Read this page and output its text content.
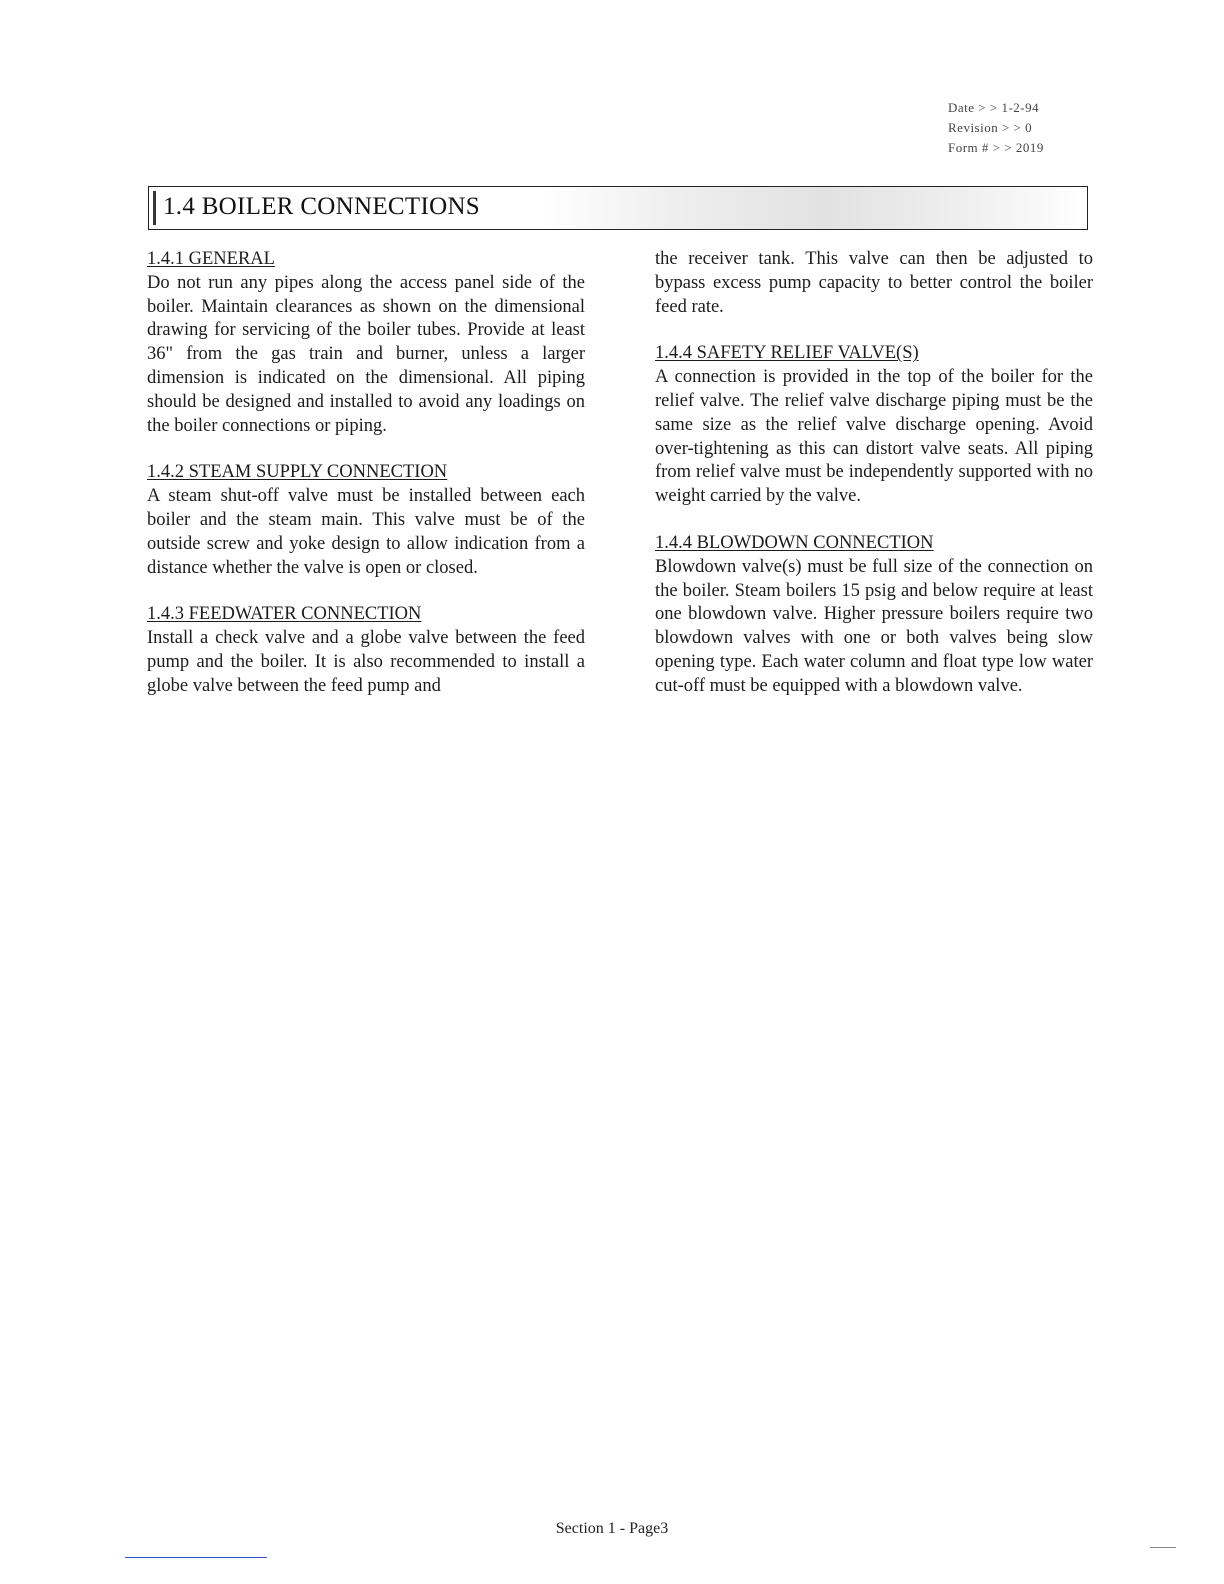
Date > > 1-2-94
Revision > > 0
Form # > > 2019
1.4 BOILER CONNECTIONS
1.4.1 GENERAL
Do not run any pipes along the access panel side of the boiler. Maintain clearances as shown on the dimensional drawing for servicing of the boiler tubes. Provide at least 36" from the gas train and burner, unless a larger dimension is indicated on the dimensional. All piping should be designed and installed to avoid any loadings on the boiler connections or piping.
1.4.2 STEAM SUPPLY CONNECTION
A steam shut-off valve must be installed between each boiler and the steam main. This valve must be of the outside screw and yoke design to allow indication from a distance whether the valve is open or closed.
1.4.3 FEEDWATER CONNECTION
Install a check valve and a globe valve between the feed pump and the boiler. It is also recommended to install a globe valve between the feed pump and
the receiver tank. This valve can then be adjusted to bypass excess pump capacity to better control the boiler feed rate.
1.4.4 SAFETY RELIEF VALVE(S)
A connection is provided in the top of the boiler for the relief valve. The relief valve discharge piping must be the same size as the relief valve discharge opening. Avoid over-tightening as this can distort valve seats. All piping from relief valve must be independently supported with no weight carried by the valve.
1.4.4 BLOWDOWN CONNECTION
Blowdown valve(s) must be full size of the connection on the boiler. Steam boilers 15 psig and below require at least one blowdown valve. Higher pressure boilers require two blowdown valves with one or both valves being slow opening type. Each water column and float type low water cut-off must be equipped with a blowdown valve.
Section 1 - Page3
